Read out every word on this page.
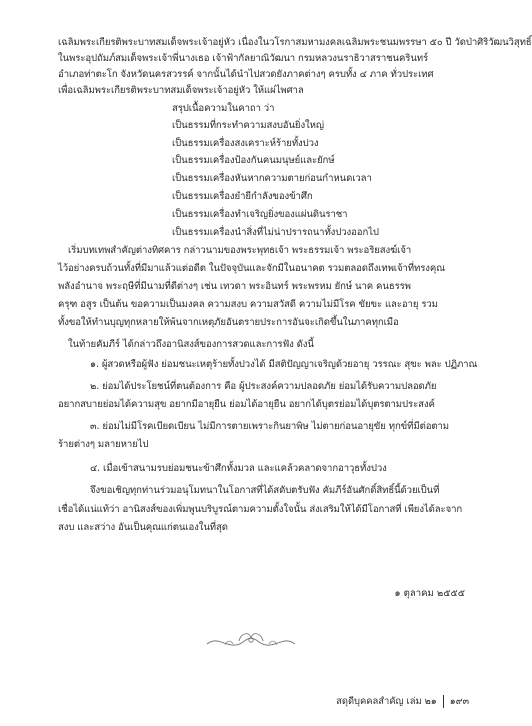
เฉลิมพระเกียรติพระบาทสมเด็จพระเจ้าอยู่หัว เนื่องในวโรกาสมหามงคลเฉลิมพระชนมพรรษา ๕๐ ปี วัดป่าศิริวัฒนวิสุทธิ์
ในพระอุปถัมภ์สมเด็จพระเจ้าพี่นางเธอ เจ้าฟ้ากัลยาณิวัฒนา กรมหลวงนราธิวาสราชนครินทร์
อำเภอท่าตะโก จังหวัดนครสวรรค์ จากนั้นได้นำไปสวดยังภาคต่างๆ ครบทั้ง ๔ ภาค ทั่วประเทศ
เพื่อเฉลิมพระเกียรติพระบาทสมเด็จพระเจ้าอยู่หัว ให้แผ่ไพศาล
สรุปเนื้อความในคาถา ว่า
เป็นธรรมที่กระทำความสงบอันยิ่งใหญ่
เป็นธรรมเครื่องสงเคราะห์ร้ายทั้งปวง
เป็นธรรมเครื่องป้องกันคนมนุษย์และยักษ์
เป็นธรรมเครื่องหันหากความตายก่อนกำหนดเวลา
เป็นธรรมเครื่องยำยีกำลังของข้าศึก
เป็นธรรมเครื่องทำเจริญยิ่งของแผ่นดินราชา
เป็นธรรมเครื่องนำสิ่งที่ไม่น่าปรารถนาทั้งปวงออกไป
เริ่มบทเทพสำคัญต่างทิศคาร กล่าวนามของพระพุทธเจ้า พระธรรมเจ้า พระอริยสงฆ์เจ้า
ไว้อย่างครบถ้วนทั้งที่มีมาแล้วแต่อดีต ในปัจจุบันและจักมีในอนาคต รวมตลอดถึงเทพเจ้าที่ทรงคุณ
พลังอำนาจ พระฤษีที่มีนามที่ดีต่างๆ เช่น เทวดา พระอินทร์ พระพรหม ยักษ์ นาค คนธรรพ
ครุฑ อสูร เป็นต้น ขอความเป็นมงคล ความสงบ ความสวัสดี ความไม่มีโรค ขัยขะ และอายุ รวม
ทั้งขอให้ทำนบุญทุกหลายให้พ้นจากเหตุภัยอันตรายประการอันจะเกิดขึ้นในภาคทุกเมือ
ในท้ายคัมภีร์ ได้กล่าวถึงอานิสงส์ของการสวดและการฟัง ดังนี้
๑. ผู้สวดหรือผู้ฟัง ย่อมชนะเหตุร้ายทั้งปวงได้ มีสติปัญญาเจริญด้วยอายุ วรรณะ สุขะ พละ ปฏิภาณ
๒. ย่อมได้ประโยชน์ที่ตนต้องการ คือ ผู้ประสงค์ความปลอดภัย ย่อมได้รับความปลอดภัย
อยากสบายย่อมได้ความสุข อยากมีอายุยืน ย่อมได้อายุยืน อยากได้บุตรย่อมได้บุตรตามประสงค์
๓. ย่อมไม่มีโรคเบียดเบียน ไม่มีการตายเพราะกินยาพิษ ไม่ตายก่อนอายุขัย ทุกข์ที่มีต่อตาม
ร้ายต่างๆ มลายหายไป
๔. เมื่อเข้าสนามรบย่อมชนะข้าศึกทั้งมวล และแคล้วคลาดจากอาวุธทั้งปวง
จึงขอเชิญทุกท่านร่วมอนุโมทนาในโอกาสที่ได้สดับตรับฟัง คัมภีร์อันศักดิ์สิทธิ์นี้ด้วยเป็นที่
เชื่อได้แน่แท้ว่า อานิสงส์ของเพิ่มพูนบริบูรณ์ตามความตั้งใจนั้น ส่งเสริมให้ได้มีโอกาสที่ เพียงได้ละจาก
สงบ และสว่าง อันเป็นคุณแก่ตนเองในที่สุด
๑ ตุลาคม ๒๕๕๕
สดุดีบุคคลสำคัญ เล่ม ๒๑ ๑๙๓
